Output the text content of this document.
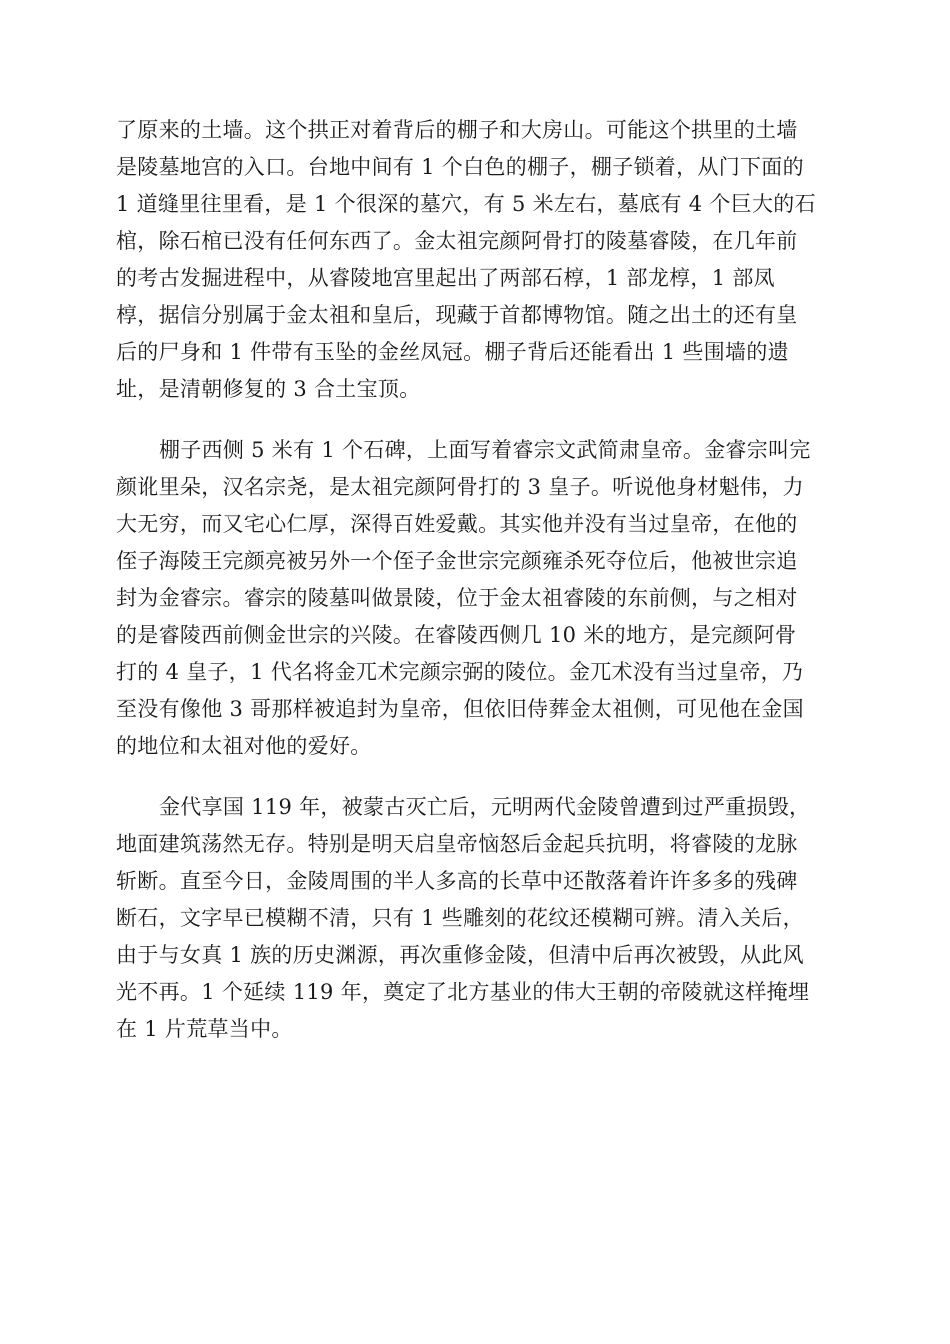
了原来的土墙。这个拱正对着背后的棚子和大房山。可能这个拱里的土墙
是陵墓地宫的入口。台地中间有 1 个白色的棚子，棚子锁着，从门下面的
1 道缝里往里看，是 1 个很深的墓穴，有 5 米左右，墓底有 4 个巨大的石
棺，除石棺已没有任何东西了。金太祖完颜阿骨打的陵墓睿陵，在几年前
的考古发掘进程中，从睿陵地宫里起出了两部石椁，1 部龙椁，1 部凤
椁，据信分别属于金太祖和皇后，现藏于首都博物馆。随之出土的还有皇
后的尸身和 1 件带有玉坠的金丝凤冠。棚子背后还能看出 1 些围墙的遗
址，是清朝修复的 3 合土宝顶。
棚子西侧 5 米有 1 个石碑，上面写着睿宗文武简肃皇帝。金睿宗叫完
颜讹里朵，汉名宗尧，是太祖完颜阿骨打的 3 皇子。听说他身材魁伟，力
大无穷，而又宅心仁厚，深得百姓爱戴。其实他并没有当过皇帝，在他的
侄子海陵王完颜亮被另外一个侄子金世宗完颜雍杀死夺位后，他被世宗追
封为金睿宗。睿宗的陵墓叫做景陵，位于金太祖睿陵的东前侧，与之相对
的是睿陵西前侧金世宗的兴陵。在睿陵西侧几 10 米的地方，是完颜阿骨
打的 4 皇子，1 代名将金兀术完颜宗弼的陵位。金兀术没有当过皇帝，乃
至没有像他 3 哥那样被追封为皇帝，但依旧侍葬金太祖侧，可见他在金国
的地位和太祖对他的爱好。
金代享国 119 年，被蒙古灭亡后，元明两代金陵曾遭到过严重损毁，
地面建筑荡然无存。特别是明天启皇帝恼怒后金起兵抗明，将睿陵的龙脉
斩断。直至今日，金陵周围的半人多高的长草中还散落着许许多多的残碑
断石，文字早已模糊不清，只有 1 些雕刻的花纹还模糊可辨。清入关后，
由于与女真 1 族的历史渊源，再次重修金陵，但清中后再次被毁，从此风
光不再。1 个延续 119 年，奠定了北方基业的伟大王朝的帝陵就这样掩埋
在 1 片荒草当中。
